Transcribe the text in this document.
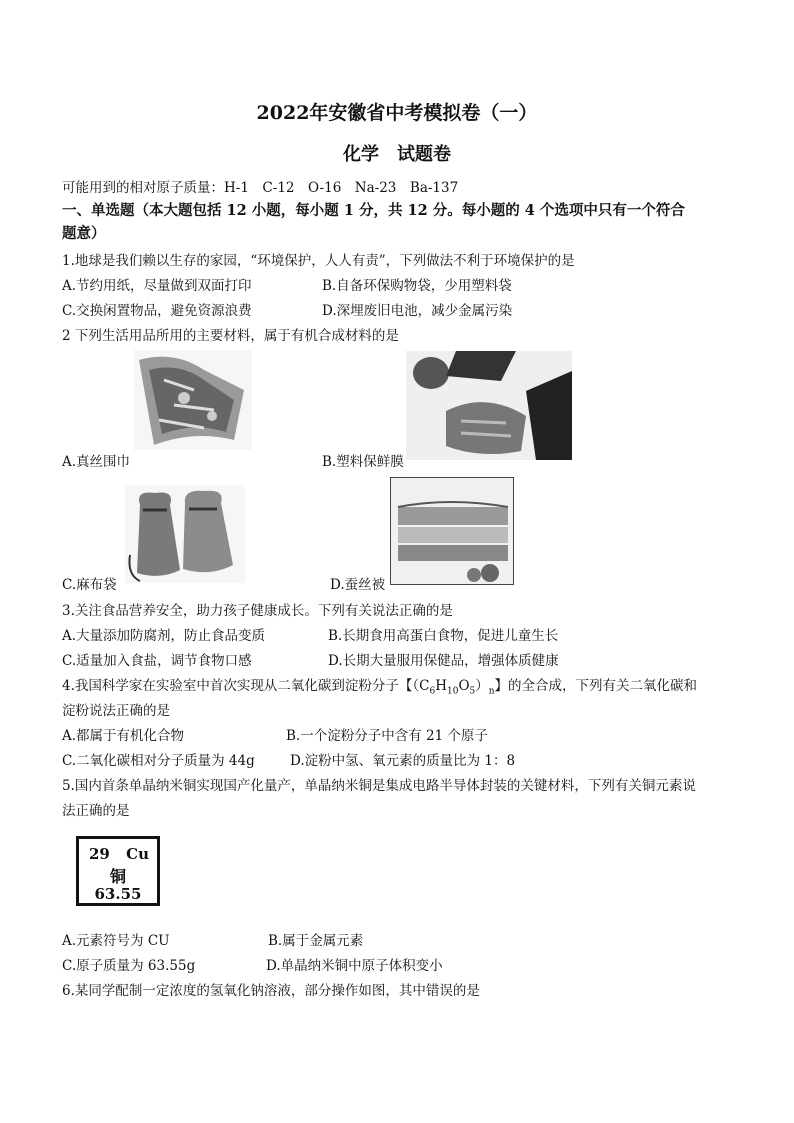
2022年安徽省中考模拟卷（一）
化学　试题卷
可能用到的相对原子质量：H-1　C-12　O-16　Na-23　Ba-137
一、单选题（本大题包括 12 小题，每小题 1 分，共 12 分。每小题的 4 个选项中只有一个符合
题意）
1.地球是我们赖以生存的家园，“环境保护，人人有责”，下列做法不利于环境保护的是
A.节约用纸，尽量做到双面打印	B.自备环保购物袋，少用塑料袋
C.交换闲置物品，避免资源浪费	D.深埋废旧电池，减少金属污染
2 下列生活用品所用的主要材料，属于有机合成材料的是
A.真丝围巾	B.塑料保鲜膜
C.麻布袋	D.蚕丝被
3.关注食品营养安全，助力孩子健康成长。下列有关说法正确的是
A.大量添加防腐剂，防止食品变质	B.长期食用高蛋白食物，促进儿童生长
C.适量加入食盐，调节食物口感	D.长期大量服用保健品，增强体质健康
4.我国科学家在实验室中首次实现从二氧化碳到淀粉分子【$(C_6H_{10}O_5)_n$】的全合成，下列有关二氧化碳和
淀粉说法正确的是
A.都属于有机化合物	B.一个淀粉分子中含有 21 个原子
C.二氧化碳相对分子质量为 44g	D.淀粉中氢、氧元素的质量比为 1：8
5.国内首条单晶纳米铜实现国产化量产，单晶纳米铜是集成电路半导体封装的关键材料，下列有关铜元素说
法正确的是
29 Cu
铜
63.55
A.元素符号为 CU	B.属于金属元素
C.原子质量为 63.55g	D.单晶纳米铜中原子体积变小
6.某同学配制一定浓度的氢氧化钠溶液，部分操作如图，其中错误的是
